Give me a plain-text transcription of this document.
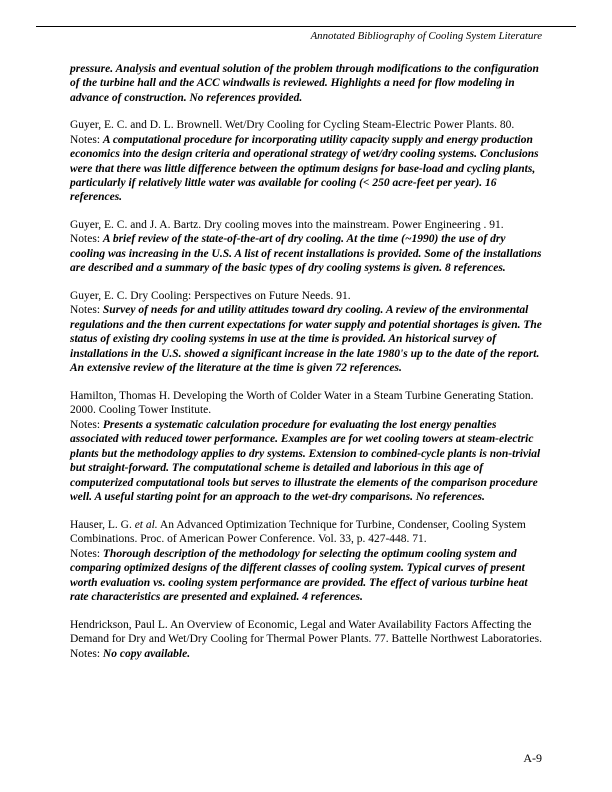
Annotated Bibliography of Cooling System Literature

pressure. Analysis and eventual solution of the problem through modifications to the configuration of the turbine hall and the ACC windwalls is reviewed. Highlights a need for flow modeling in advance of construction. No references provided.

Guyer, E. C. and D. L. Brownell. Wet/Dry Cooling for Cycling Steam-Electric Power Plants. 80.

Notes: A computational procedure for incorporating utility capacity supply and energy production economics into the design criteria and operational strategy of wet/dry cooling systems. Conclusions were that there was little difference between the optimum designs for base-load and cycling plants, particularly if relatively little water was available for cooling (< 250 acre-feet per year). 16 references.

Guyer, E. C. and J. A. Bartz. Dry cooling moves into the mainstream. Power Engineering . 91.

Notes: A brief review of the state-of-the-art of dry cooling. At the time (~1990) the use of dry cooling was increasing in the U.S. A list of recent installations is provided. Some of the installations are described and a summary of the basic types of dry cooling systems is given. 8 references.

Guyer, E. C. Dry Cooling: Perspectives on Future Needs. 91.

Notes: Survey of needs for and utility attitudes toward dry cooling. A review of the environmental regulations and the then current expectations for water supply and potential shortages is given. The status of existing dry cooling systems in use at the time is provided. An historical survey of installations in the U.S. showed a significant increase in the late 1980's up to the date of the report. An extensive review of the literature at the time is given 72 references.

Hamilton, Thomas H. Developing the Worth of Colder Water in a Steam Turbine Generating Station. 2000. Cooling Tower Institute.

Notes: Presents a systematic calculation procedure for evaluating the lost energy penalties associated with reduced tower performance. Examples are for wet cooling towers at steam-electric plants but the methodology applies to dry systems. Extension to combined-cycle plants is non-trivial but straight-forward. The computational scheme is detailed and laborious in this age of computerized computational tools but serves to illustrate the elements of the comparison procedure well. A useful starting point for an approach to the wet-dry comparisons. No references.

Hauser, L. G. et al. An Advanced Optimization Technique for Turbine, Condenser, Cooling System Combinations. Proc. of American Power Conference. Vol. 33, p. 427-448. 71.

Notes: Thorough description of the methodology for selecting the optimum cooling system and comparing optimized designs of the different classes of cooling system. Typical curves of present worth evaluation vs. cooling system performance are provided. The effect of various turbine heat rate characteristics are presented and explained. 4 references.

Hendrickson, Paul L. An Overview of Economic, Legal and Water Availability Factors Affecting the Demand for Dry and Wet/Dry Cooling for Thermal Power Plants. 77. Battelle Northwest Laboratories.

Notes: No copy available.

A-9
